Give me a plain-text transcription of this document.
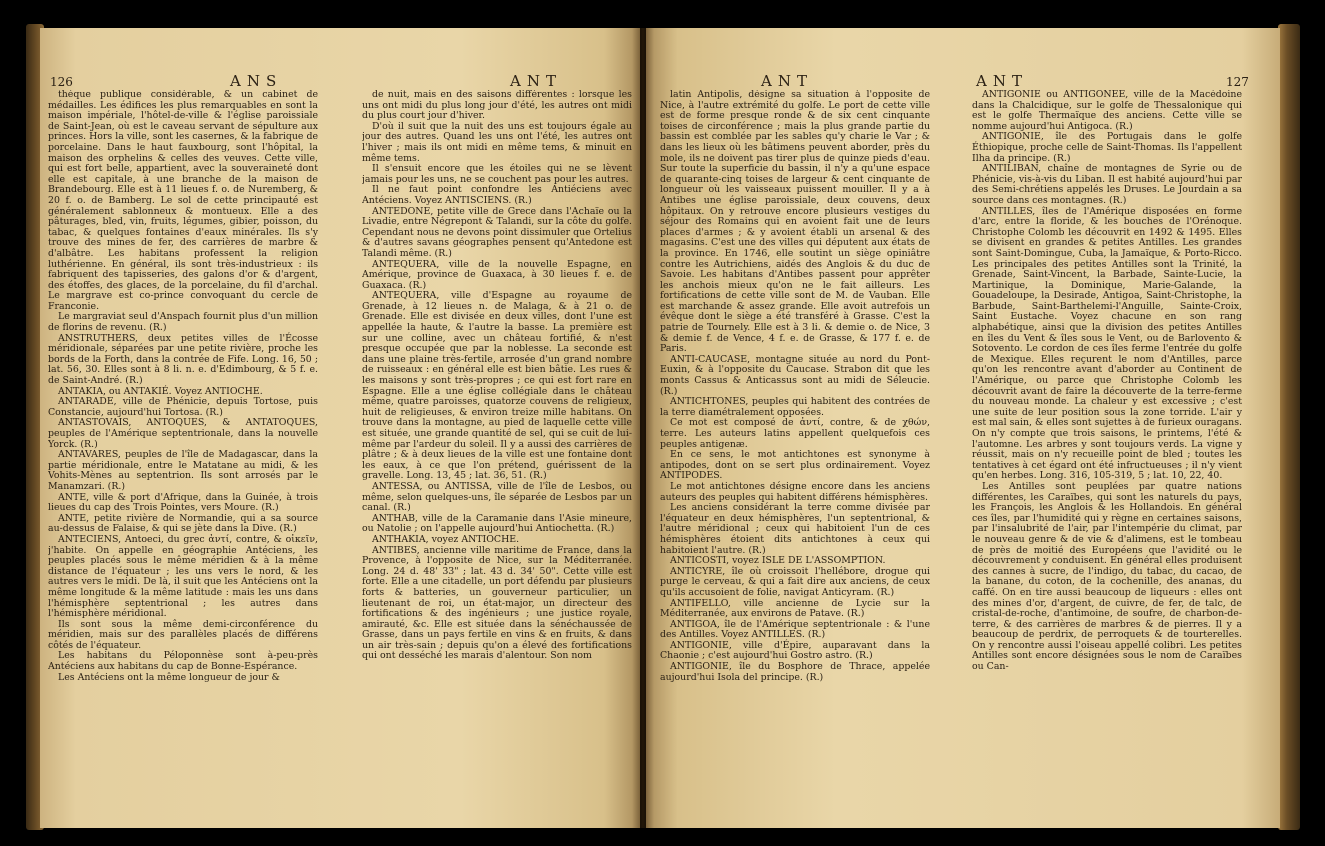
126	ANS	ANT

théque publique considérable, & un cabinet de médailles. Les édifices les plus remarquables en sont la maison impériale, l'hôtel-de-ville & l'église paroissiale de Saint-Jean, où est le caveau servant de sépulture aux princes. Hors la ville, sont les casernes, & la fabrique de porcelaine. Dans le haut fauxbourg, sont l'hôpital, la maison des orphelins & celles des veuves. Cette ville, qui est fort belle, appartient, avec la souveraineté dont elle est capitale, à une branche de la maison de Brandebourg. Elle est à 11 lieues f. o. de Nuremberg, & 20 f. o. de Bamberg. Le sol de cette principauté est généralement sablonneux & montueux. Elle a des pâturages, bled, vin, fruits, légumes, gibier, poisson, du tabac, & quelques fontaines d'eaux minérales. Ils s'y trouve des mines de fer, des carrières de marbre & d'albâtre. Les habitans professent la religion luthérienne. En général, ils sont très-industrieux : ils fabriquent des tapisseries, des galons d'or & d'argent, des étoffes, des glaces, de la porcelaine, du fil d'archal. Le margrave est co-prince convoquant du cercle de Franconie.

Le margraviat seul d'Anspach fournit plus d'un million de florins de revenu. (R.)

ANSTRUTHERS, deux petites villes de l'Écosse méridionale, séparées par une petite rivière, proche les bords de la Forth, dans la contrée de Fife. Long. 16, 50 ; lat. 56, 30. Elles sont à 8 li. n. e. d'Edimbourg, & 5 f. e. de Saint-André. (R.)

ANTAKIA, ou ANTAKIÉ. Voyez ANTIOCHE.

ANTARADE, ville de Phénicie, depuis Tortose, puis Constancie, aujourd'hui Tortosa. (R.)

ANTASTOVAIS, ANTOQUES, & ANTATOQUES, peuples de l'Amérique septentrionale, dans la nouvelle Yorck. (R.)

ANTAVARES, peuples de l'île de Madagascar, dans la partie méridionale, entre le Matatane au midi, & les Vohits-Mènes au septentrion. Ils sont arrosés par le Manamzari. (R.)

ANTE, ville & port d'Afrique, dans la Guinée, à trois lieues du cap des Trois Pointes, vers Moure. (R.)

ANTE, petite rivière de Normandie, qui a sa source au-dessus de Falaise, & qui se jète dans la Dive. (R.)

ANTECIENS, Antoeci, du grec ἀντί, contre, & οἰκεῖν, j'habite. On appelle en géographie Antéciens, les peuples placés sous le même méridien & à la même distance de l'équateur ; les uns vers le nord, & les autres vers le midi. De là, il suit que les Antéciens ont la même longitude & la même latitude : mais les uns dans l'hémisphère septentrional ; les autres dans l'hémisphère méridional.

Ils sont sous la même demi-circonférence du méridien, mais sur des parallèles placés de différens côtés de l'équateur.

Les habitans du Péloponnèse sont à-peu-près Antéciens aux habitans du cap de Bonne-Espérance.

Les Antéciens ont la même longueur de jour &

de nuit, mais en des saisons différentes : lorsque les uns ont midi du plus long jour d'été, les autres ont midi du plus court jour d'hiver.

D'où il suit que la nuit des uns est toujours égale au jour des autres. Quand les uns ont l'été, les autres ont l'hiver ; mais ils ont midi en même tems, & minuit en même tems.

Il s'ensuit encore que les étoiles qui ne se lèvent jamais pour les uns, ne se couchent pas pour les autres.

Il ne faut point confondre les Antiéciens avec Antéciens. Voyez ANTISCIENS. (R.)

ANTEDONE, petite ville de Grece dans l'Achaïe ou la Livadie, entre Négrepont & Talandi, sur la côte du golfe. Cependant nous ne devons point dissimuler que Ortelius & d'autres savans géographes pensent qu'Antedone est Talandi même. (R.)

ANTEQUERA, ville de la nouvelle Espagne, en Amérique, province de Guaxaca, à 30 lieues f. e. de Guaxaca. (R.)

ANTEQUERA, ville d'Espagne au royaume de Grenade, à 12 lieues n. de Malaga, & à 21 o. de Grenade. Elle est divisée en deux villes, dont l'une est appellée la haute, & l'autre la basse. La première est sur une colline, avec un château fortifié, & n'est presque occupée que par la noblesse. La seconde est dans une plaine très-fertile, arrosée d'un grand nombre de ruisseaux : en général elle est bien bâtie. Les rues & les maisons y sont très-propres ; ce qui est fort rare en Espagne. Elle a une église collégiale dans le château même, quatre paroisses, quatorze couvens de religieux, huit de religieuses, & environ treize mille habitans. On trouve dans la montagne, au pied de laquelle cette ville est située, une grande quantité de sel, qui se cuit de lui-même par l'ardeur du soleil. Il y a aussi des carrières de plâtre ; & à deux lieues de la ville est une fontaine dont les eaux, à ce que l'on prétend, guérissent de la gravelle. Long. 13, 45 ; lat. 36, 51. (R.)

ANTESSA, ou ANTISSA, ville de l'île de Lesbos, ou même, selon quelques-uns, île séparée de Lesbos par un canal. (R.)

ANTHAB, ville de la Caramanie dans l'Asie mineure, ou Natolie ; on l'appelle aujourd'hui Antiochetta. (R.)

ANTHAKIA, voyez ANTIOCHE.

ANTIBES, ancienne ville maritime de France, dans la Provence, à l'opposite de Nice, sur la Méditerranée. Long. 24 d. 48' 33" ; lat. 43 d. 34' 50". Cette ville est forte. Elle a une citadelle, un port défendu par plusieurs forts & batteries, un gouverneur particulier, un lieutenant de roi, un état-major, un directeur des fortifications & des ingénieurs ; une justice royale, amirauté, &c. Elle est située dans la sénéchaussée de Grasse, dans un pays fertile en vins & en fruits, & dans un air très-sain ; depuis qu'on a élevé des fortifications qui ont desséché les marais d'alentour. Son nom

ANT	ANT	127

latin Antipolis, désigne sa situation à l'opposite de Nice, à l'autre extrémité du golfe. Le port de cette ville est de forme presque ronde & de six cent cinquante toises de circonférence ; mais la plus grande partie du bassin est comblée par les sables qu'y charie le Var ; & dans les lieux où les bâtimens peuvent aborder, près du mole, ils ne doivent pas tirer plus de quinze pieds d'eau. Sur toute la superficie du bassin, il n'y a qu'une espace de quarante-cinq toises de largeur & cent cinquante de longueur où les vaisseaux puissent mouiller. Il y a à Antibes une église paroissiale, deux couvens, deux hôpitaux. On y retrouve encore plusieurs vestiges du séjour des Romains qui en avoient fait une de leurs places d'armes ; & y avoient établi un arsenal & des magasins. C'est une des villes qui députent aux états de la province. En 1746, elle soutint un siège opiniâtre contre les Autrichiens, aidés des Anglois & du duc de Savoie. Les habitans d'Antibes passent pour apprêter les anchois mieux qu'on ne le fait ailleurs. Les fortifications de cette ville sont de M. de Vauban. Elle est marchande & assez grande. Elle avoit autrefois un évêque dont le siège a été transféré à Grasse. C'est la patrie de Tournely. Elle est à 3 li. & demie o. de Nice, 3 & demie f. de Vence, 4 f. e. de Grasse, & 177 f. e. de Paris.

ANTI-CAUCASE, montagne située au nord du Pont-Euxin, & à l'opposite du Caucase. Strabon dit que les monts Cassus & Anticassus sont au midi de Séleucie. (R.)

ANTICHTONES, peuples qui habitent des contrées de la terre diamétralement opposées.

Ce mot est composé de ἀντί, contre, & de χθών, terre. Les auteurs latins appellent quelquefois ces peuples antigenæ.

En ce sens, le mot antichtones est synonyme à antipodes, dont on se sert plus ordinairement. Voyez ANTIPODES.

Le mot antichtones désigne encore dans les anciens auteurs des peuples qui habitent différens hémisphères.

Les anciens considérant la terre comme divisée par l'équateur en deux hémisphères, l'un septentrional, & l'autre méridional ; ceux qui habitoient l'un de ces hémisphères étoient dits antichtones à ceux qui habitoient l'autre. (R.)

ANTICOSTI, voyez ISLE DE L'ASSOMPTION.

ANTICYRE, île où croissoit l'hellébore, drogue qui purge le cerveau, & qui a fait dire aux anciens, de ceux qu'ils accusoient de folie, navigat Anticyram. (R.)

ANTIFELLO, ville ancienne de Lycie sur la Méditerranée, aux environs de Patave. (R.)

ANTIGOA, île de l'Amérique septentrionale : & l'une des Antilles. Voyez ANTILLES. (R.)

ANTIGONIE, ville d'Épire, auparavant dans la Chaonie ; c'est aujourd'hui Gostro astro. (R.)

ANTIGONIE, île du Bosphore de Thrace, appelée aujourd'hui Isola del principe. (R.)

ANTIGONIE ou ANTIGONÉE, ville de la Macédoine dans la Chalcidique, sur le golfe de Thessalonique qui est le golfe Thermaïque des anciens. Cette ville se nomme aujourd'hui Antigoca. (R.)

ANTIGONIE, île des Portugais dans le golfe Éthiopique, proche celle de Saint-Thomas. Ils l'appellent Ilha da principe. (R.)

ANTILIBAN, chaîne de montagnes de Syrie ou de Phénicie, vis-à-vis du Liban. Il est habité aujourd'hui par des Semi-chrétiens appelés les Druses. Le Jourdain a sa source dans ces montagnes. (R.)

ANTILLES, îles de l'Amérique disposées en forme d'arc, entre la floride, & les bouches de l'Orénoque. Christophe Colomb les découvrit en 1492 & 1495. Elles se divisent en grandes & petites Antilles. Les grandes sont Saint-Domingue, Cuba, la Jamaïque, & Porto-Ricco. Les principales des petites Antilles sont la Trinité, la Grenade, Saint-Vincent, la Barbade, Sainte-Lucie, la Martinique, la Dominique, Marie-Galande, la Gouadeloupe, la Desirade, Antigoa, Saint-Christophe, la Barbude, Saint-Barthelemi-l'Anguille, Sainte-Croix, Saint Eustache. Voyez chacune en son rang alphabétique, ainsi que la division des petites Antilles en îles du Vent & îles sous le Vent, ou de Barlovento & Sotovento. Le cordon de ces îles ferme l'entrée du golfe de Mexique. Elles reçurent le nom d'Antilles, parce qu'on les rencontre avant d'aborder au Continent de l'Amérique, ou parce que Christophe Colomb les découvrit avant de faire la découverte de la terre-ferme du nouveau monde. La chaleur y est excessive ; c'est une suite de leur position sous la zone torride. L'air y est mal sain, & elles sont sujettes à de furieux ouragans. On n'y compte que trois saisons, le printems, l'été & l'automne. Les arbres y sont toujours verds. La vigne y réussit, mais on n'y recueille point de bled ; toutes les tentatives à cet égard ont été infructueuses ; il n'y vient qu'en herbes. Long. 316, 105-319, 5 ; lat. 10, 22, 40.

Les Antilles sont peuplées par quatre nations différentes, les Caraïbes, qui sont les naturels du pays, les François, les Anglois & les Hollandois. En général ces îles, par l'humidité qui y règne en certaines saisons, par l'insalubrité de l'air, par l'intempérie du climat, par le nouveau genre & de vie & d'alimens, est le tombeau de près de moitié des Européens que l'avidité ou le découvrement y conduisent. En général elles produisent des cannes à sucre, de l'indigo, du tabac, du cacao, de la banane, du coton, de la cochenille, des ananas, du caffé. On en tire aussi beaucoup de liqueurs : elles ont des mines d'or, d'argent, de cuivre, de fer, de talc, de cristal-de-roche, d'antimoine, de soufre, de charbon-de-terre, & des carrières de marbres & de pierres. Il y a beaucoup de perdrix, de perroquets & de tourterelles. On y rencontre aussi l'oiseau appellé colibri. Les petites Antilles sont encore désignées sous le nom de Caraïbes ou Can-
